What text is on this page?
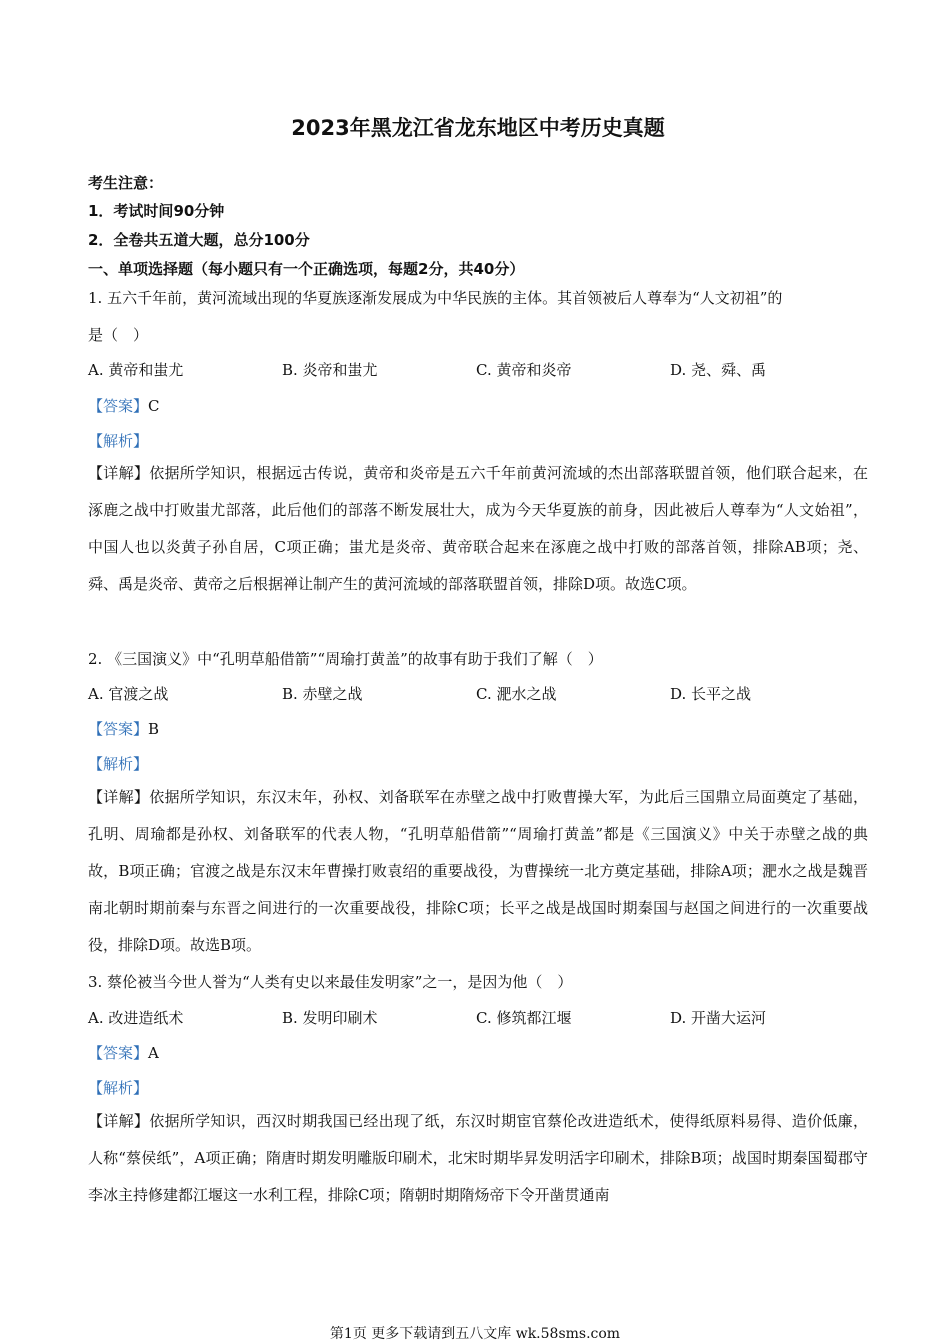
2023年黑龙江省龙东地区中考历史真题
考生注意：
1．考试时间90分钟
2．全卷共五道大题，总分100分
一、单项选择题（每小题只有一个正确选项，每题2分，共40分）
1. 五六千年前，黄河流域出现的华夏族逐渐发展成为中华民族的主体。其首领被后人尊奉为“人文初祖”的
是（　）
A. 黄帝和蚩尤	B. 炎帝和蚩尤	C. 黄帝和炎帝	D. 尧、舜、禹
【答案】C
【解析】
【详解】依据所学知识，根据远古传说，黄帝和炎帝是五六千年前黄河流域的杰出部落联盟首领，他们联合起来，在涿鹿之战中打败蚩尤部落，此后他们的部落不断发展壮大，成为今天华夏族的前身，因此被后人尊奉为“人文始祖”，中国人也以炎黄子孙自居，C项正确；蚩尤是炎帝、黄帝联合起来在涿鹿之战中打败的部落首领，排除AB项；尧、舜、禹是炎帝、黄帝之后根据禅让制产生的黄河流域的部落联盟首领，排除D项。故选C项。
2. 《三国演义》中“孔明草船借箭”“周瑜打黄盖”的故事有助于我们了解（　）
A. 官渡之战	B. 赤壁之战	C. 淝水之战	D. 长平之战
【答案】B
【解析】
【详解】依据所学知识，东汉末年，孙权、刘备联军在赤壁之战中打败曹操大军，为此后三国鼎立局面奠定了基础，孔明、周瑜都是孙权、刘备联军的代表人物，“孔明草船借箭”“周瑜打黄盖”都是《三国演义》中关于赤壁之战的典故，B项正确；官渡之战是东汉末年曹操打败袁绍的重要战役，为曹操统一北方奠定基础，排除A项；淝水之战是魏晋南北朝时期前秦与东晋之间进行的一次重要战役，排除C项；长平之战是战国时期秦国与赵国之间进行的一次重要战役，排除D项。故选B项。
3. 蔡伦被当今世人誉为“人类有史以来最佳发明家”之一，是因为他（　）
A. 改进造纸术	B. 发明印刷术	C. 修筑都江堰	D. 开凿大运河
【答案】A
【解析】
【详解】依据所学知识，西汉时期我国已经出现了纸，东汉时期宦官蔡伦改进造纸术，使得纸原料易得、造价低廉，人称“蔡侯纸”，A项正确；隋唐时期发明雕版印刷术，北宋时期毕昇发明活字印刷术，排除B项；战国时期秦国蜀郡守李冰主持修建都江堰这一水利工程，排除C项；隋朝时期隋炀帝下令开凿贯通南
第1页 更多下载请到五八文库 wk.58sms.com
